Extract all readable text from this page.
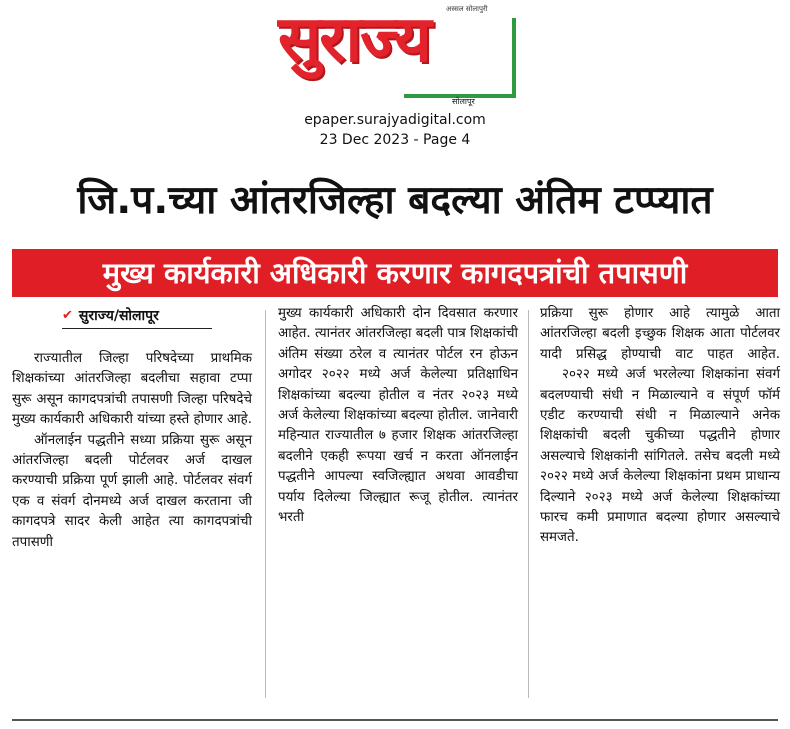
अस्सल सोलापुरी
सुराज्य
सोलापूर
epaper.surajyadigital.com
23 Dec 2023 - Page 4
जि.प.च्या आंतरजिल्हा बदल्या अंतिम टप्प्यात
मुख्य कार्यकारी अधिकारी करणार कागदपत्रांची तपासणी
✔ सुराज्य/सोलापूर

राज्यातील जिल्हा परिषदेच्या प्राथमिक शिक्षकांच्या आंतरजिल्हा बदलीचा सहावा टप्पा सुरू असून कागदपत्रांची तपासणी जिल्हा परिषदेचे मुख्य कार्यकारी अधिकारी यांच्या हस्ते होणार आहे.

ऑनलाईन पद्धतीने सध्या प्रक्रिया सुरू असून आंतरजिल्हा बदली पोर्टलवर अर्ज दाखल करण्याची प्रक्रिया पूर्ण झाली आहे. पोर्टलवर संवर्ग एक व संवर्ग दोनमध्ये अर्ज दाखल करताना जी कागदपत्रे सादर केली आहेत त्या कागदपत्रांची तपासणी

मुख्य कार्यकारी अधिकारी दोन दिवसात करणार आहेत. त्यानंतर आंतरजिल्हा बदली पात्र शिक्षकांची अंतिम संख्या ठरेल व त्यानंतर पोर्टल रन होऊन अगोदर २०२२ मध्ये अर्ज केलेल्या प्रतिक्षाधिन शिक्षकांच्या बदल्या होतील व नंतर २०२३ मध्ये अर्ज केलेल्या शिक्षकांच्या बदल्या होतील. जानेवारी महिन्यात राज्यातील ७ हजार शिक्षक आंतरजिल्हा बदलीने एकही रूपया खर्च न करता ऑनलाईन पद्धतीने आपल्या स्वजिल्ह्यात अथवा आवडीचा पर्याय दिलेल्या जिल्ह्यात रूजू होतील. त्यानंतर भरती

प्रक्रिया सुरू होणार आहे त्यामुळे आता आंतरजिल्हा बदली इच्छुक शिक्षक आता पोर्टलवर यादी प्रसिद्ध होण्याची वाट पाहत आहेत.

२०२२ मध्ये अर्ज भरलेल्या शिक्षकांना संवर्ग बदलण्याची संधी न मिळाल्याने व संपूर्ण फॉर्म एडीट करण्याची संधी न मिळाल्याने अनेक शिक्षकांची बदली चुकीच्या पद्धतीने होणार असल्याचे शिक्षकांनी सांगितले. तसेच बदली मध्ये २०२२ मध्ये अर्ज केलेल्या शिक्षकांना प्रथम प्राधान्य दिल्याने २०२३ मध्ये अर्ज केलेल्या शिक्षकांच्या फारच कमी प्रमाणात बदल्या होणार असल्याचे समजते.
